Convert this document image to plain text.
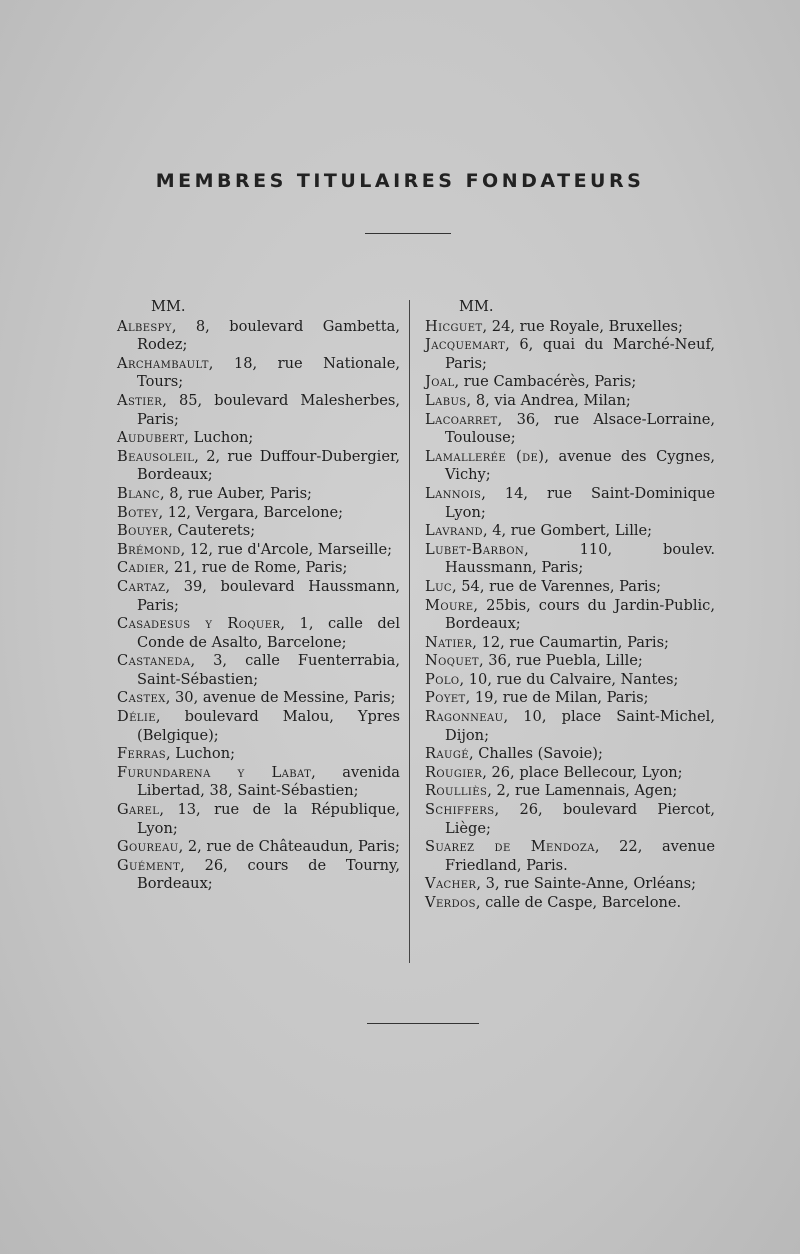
MEMBRES TITULAIRES FONDATEURS
MM.
Albespy, 8, boulevard Gambetta, Rodez;
Archambault, 18, rue Nationale, Tours;
Astier, 85, boulevard Malesherbes, Paris;
Audubert, Luchon;
Beausoleil, 2, rue Duffour-Dubergier, Bordeaux;
Blanc, 8, rue Auber, Paris;
Botey, 12, Vergara, Barcelone;
Bouyer, Cauterets;
Brémond, 12, rue d'Arcole, Marseille;
Cadier, 21, rue de Rome, Paris;
Cartaz, 39, boulevard Haussmann, Paris;
Casadesus y Roquer, 1, calle del Conde de Asalto, Barcelone;
Castaneda, 3, calle Fuenterrabia, Saint-Sébastien;
Castex, 30, avenue de Messine, Paris;
Délie, boulevard Malou, Ypres (Belgique);
Ferras, Luchon;
Furundarena y Labat, avenida Libertad, 38, Saint-Sébastien;
Garel, 13, rue de la République, Lyon;
Goureau, 2, rue de Châteaudun, Paris;
Guément, 26, cours de Tourny, Bordeaux;
MM.
Hicguet, 24, rue Royale, Bruxelles;
Jacquemart, 6, quai du Marché-Neuf, Paris;
Joal, rue Cambacérès, Paris;
Labus, 8, via Andrea, Milan;
Lacoarret, 36, rue Alsace-Lorraine, Toulouse;
Lamallerée (de), avenue des Cygnes, Vichy;
Lannois, 14, rue Saint-Dominique Lyon;
Lavrand, 4, rue Gombert, Lille;
Lubet-Barbon, 110, boulev. Haussmann, Paris;
Luc, 54, rue de Varennes, Paris;
Moure, 25bis, cours du Jardin-Public, Bordeaux;
Natier, 12, rue Caumartin, Paris;
Noquet, 36, rue Puebla, Lille;
Polo, 10, rue du Calvaire, Nantes;
Poyet, 19, rue de Milan, Paris;
Ragonneau, 10, place Saint-Michel, Dijon;
Raugé, Challes (Savoie);
Rougier, 26, place Bellecour, Lyon;
Roulliès, 2, rue Lamennais, Agen;
Schiffers, 26, boulevard Piercot, Liège;
Suarez de Mendoza, 22, avenue Friedland, Paris.
Vacher, 3, rue Sainte-Anne, Orléans;
Verdos, calle de Caspe, Barcelone.
